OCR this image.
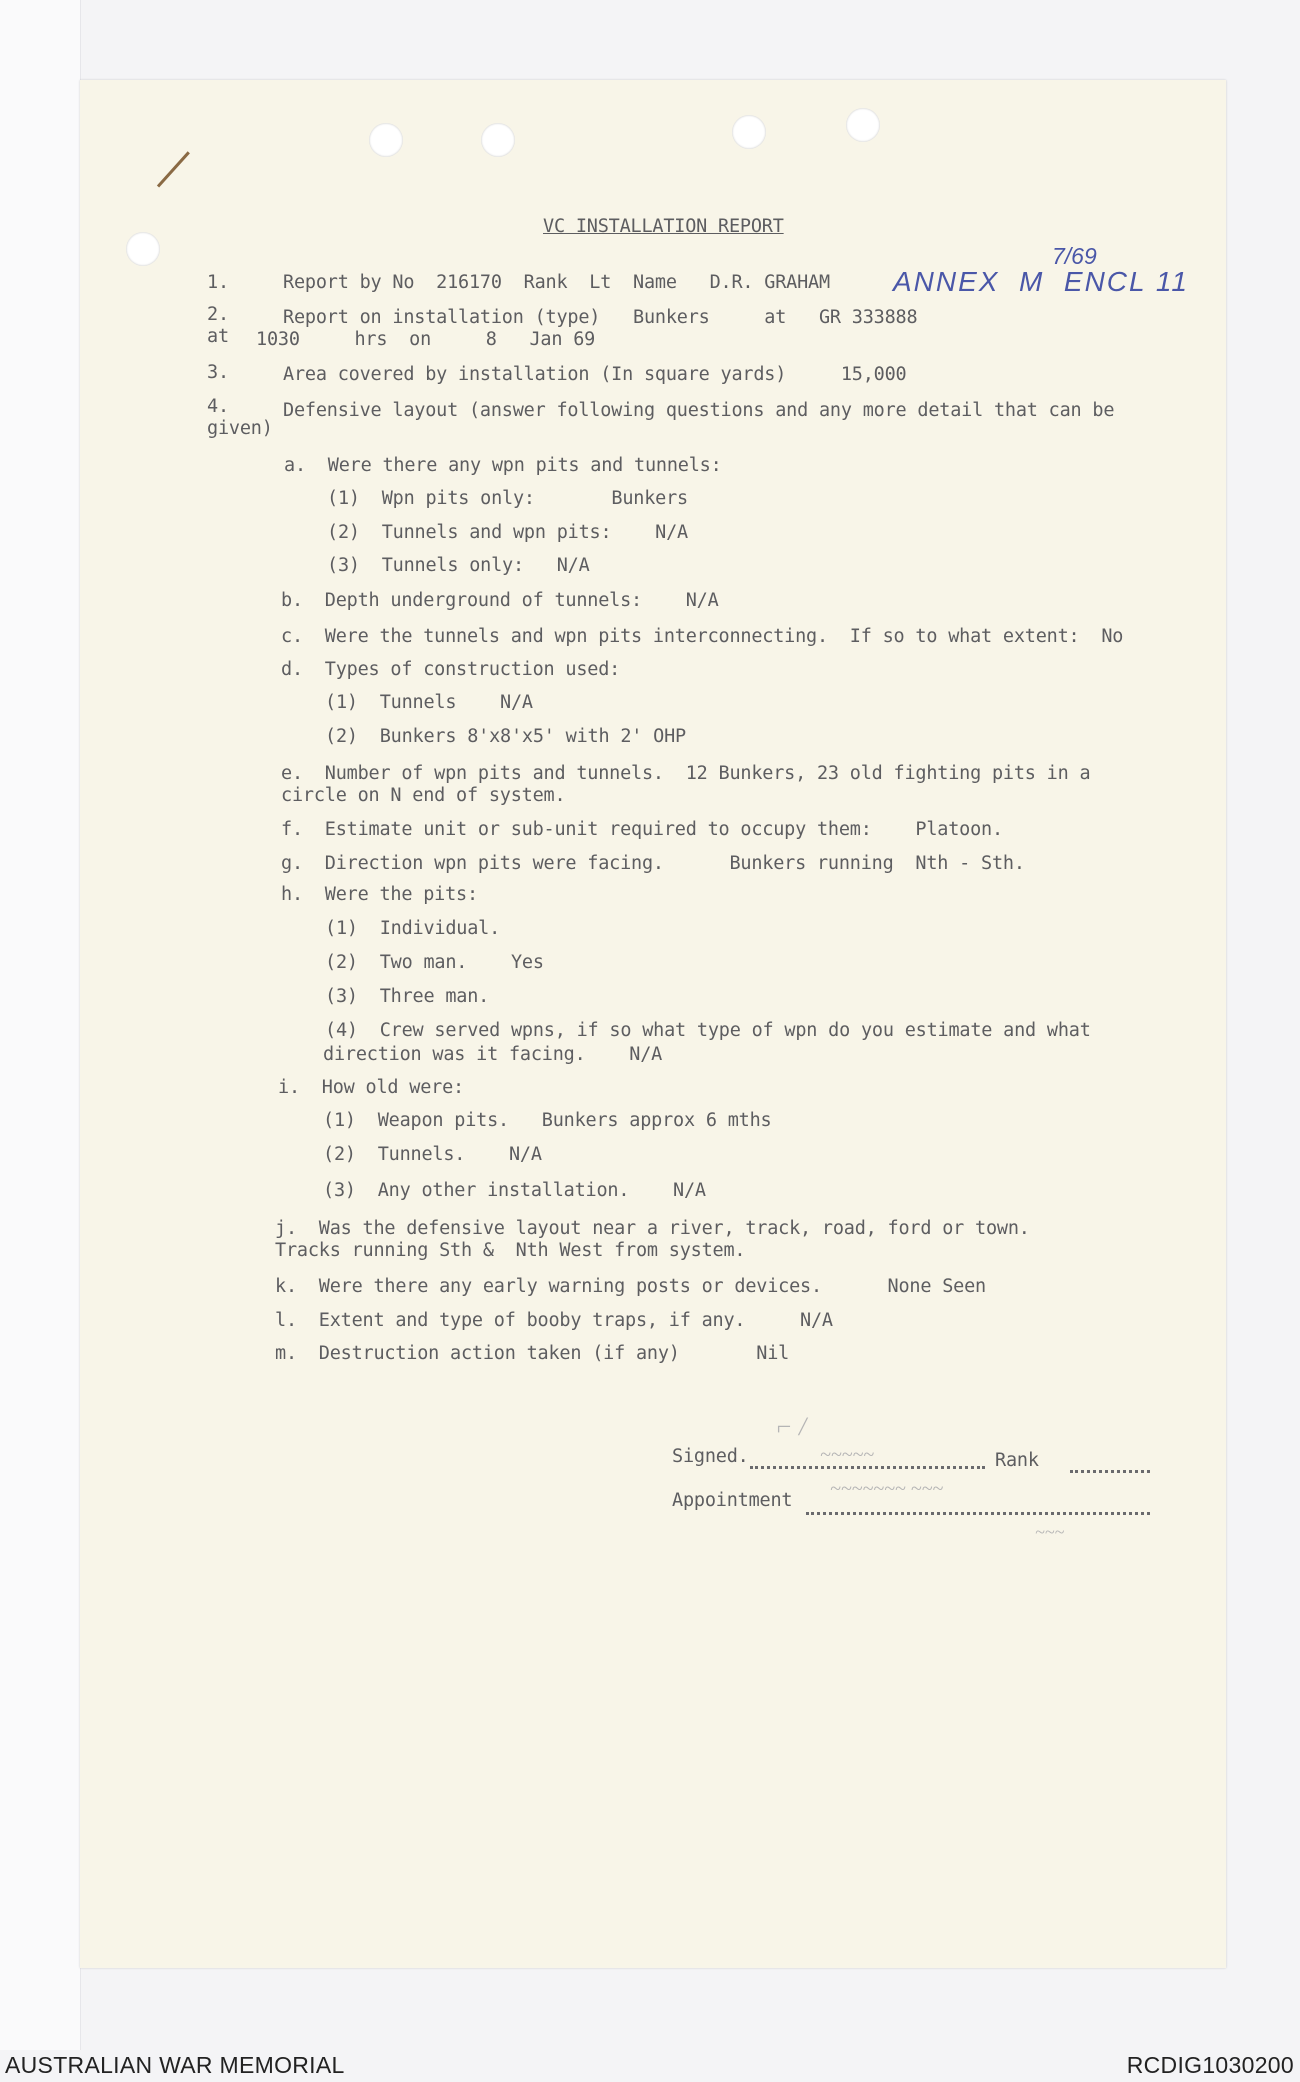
VC INSTALLATION REPORT
7/69
ANNEX  M  ENCL 11
1.	Report by No  216170  Rank  Lt  Name   D.R. GRAHAM
2.	Report on installation (type)   Bunkers     at   GR 333888
at 1030     hrs  on     8   Jan 69
3.	Area covered by installation (In square yards)     15,000
4.	Defensive layout (answer following questions and any more detail that can be
given)
a.  Were there any wpn pits and tunnels:
(1)  Wpn pits only:       Bunkers
(2)  Tunnels and wpn pits:    N/A
(3)  Tunnels only:   N/A
b.  Depth underground of tunnels:    N/A
c.  Were the tunnels and wpn pits interconnecting.  If so to what extent:  No
d.  Types of construction used:
(1)  Tunnels    N/A
(2)  Bunkers 8'x8'x5' with 2' OHP
e.  Number of wpn pits and tunnels.  12 Bunkers, 23 old fighting pits in a
circle on N end of system.
f.  Estimate unit or sub-unit required to occupy them:    Platoon.
g.  Direction wpn pits were facing.      Bunkers running  Nth - Sth.
h.  Were the pits:
(1)  Individual.
(2)  Two man.    Yes
(3)  Three man.
(4)  Crew served wpns, if so what type of wpn do you estimate and what
direction was it facing.    N/A
i.  How old were:
(1)  Weapon pits.   Bunkers approx 6 mths
(2)  Tunnels.    N/A
(3)  Any other installation.    N/A
j.  Was the defensive layout near a river, track, road, ford or town.
Tracks running Sth &  Nth West from system.
k.  Were there any early warning posts or devices.      None Seen
l.  Extent and type of booby traps, if any.     N/A
m.  Destruction action taken (if any)       Nil
Signed.
⌐ /
~~~~~	Rank
Appointment
~~~~~~~ ~~~
~~~
AUSTRALIAN WAR MEMORIAL	RCDIG1030200
